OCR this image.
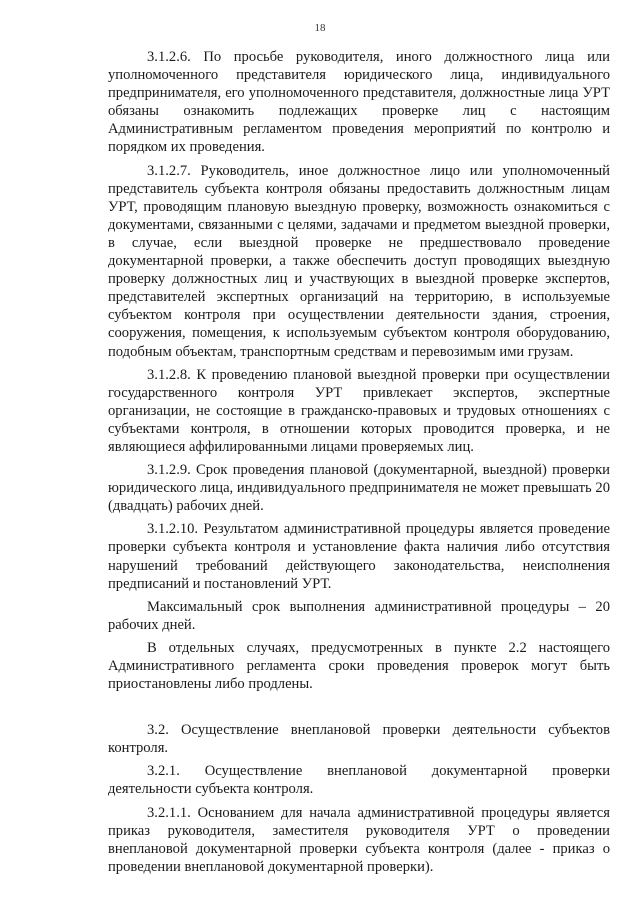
18

3.1.2.6. По просьбе руководителя, иного должностного лица или уполномоченного представителя юридического лица, индивидуального предпринимателя, его уполномоченного представителя, должностные лица УРТ обязаны ознакомить подлежащих проверке лиц с настоящим Административным регламентом проведения мероприятий по контролю и порядком их проведения.

3.1.2.7. Руководитель, иное должностное лицо или уполномоченный представитель субъекта контроля обязаны предоставить должностным лицам УРТ, проводящим плановую выездную проверку, возможность ознакомиться с документами, связанными с целями, задачами и предметом выездной проверки, в случае, если выездной проверке не предшествовало проведение документарной проверки, а также обеспечить доступ проводящих выездную проверку должностных лиц и участвующих в выездной проверке экспертов, представителей экспертных организаций на территорию, в используемые субъектом контроля при осуществлении деятельности здания, строения, сооружения, помещения, к используемым субъектом контроля оборудованию, подобным объектам, транспортным средствам и перевозимым ими грузам.

3.1.2.8. К проведению плановой выездной проверки при осуществлении государственного контроля УРТ привлекает экспертов, экспертные организации, не состоящие в гражданско-правовых и трудовых отношениях с субъектами контроля, в отношении которых проводится проверка, и не являющиеся аффилированными лицами проверяемых лиц.

3.1.2.9. Срок проведения плановой (документарной, выездной) проверки юридического лица, индивидуального предпринимателя не может превышать 20 (двадцать) рабочих дней.

3.1.2.10. Результатом административной процедуры является проведение проверки субъекта контроля и установление факта наличия либо отсутствия нарушений требований действующего законодательства, неисполнения предписаний и постановлений УРТ.

Максимальный срок выполнения административной процедуры – 20 рабочих дней.

В отдельных случаях, предусмотренных в пункте 2.2 настоящего Административного регламента сроки проведения проверок могут быть приостановлены либо продлены.

3.2. Осуществление внеплановой проверки деятельности субъектов контроля.

3.2.1. Осуществление внеплановой документарной проверки деятельности субъекта контроля.

3.2.1.1. Основанием для начала административной процедуры является приказ руководителя, заместителя руководителя УРТ о проведении внеплановой документарной проверки субъекта контроля (далее - приказ о проведении внеплановой документарной проверки).
